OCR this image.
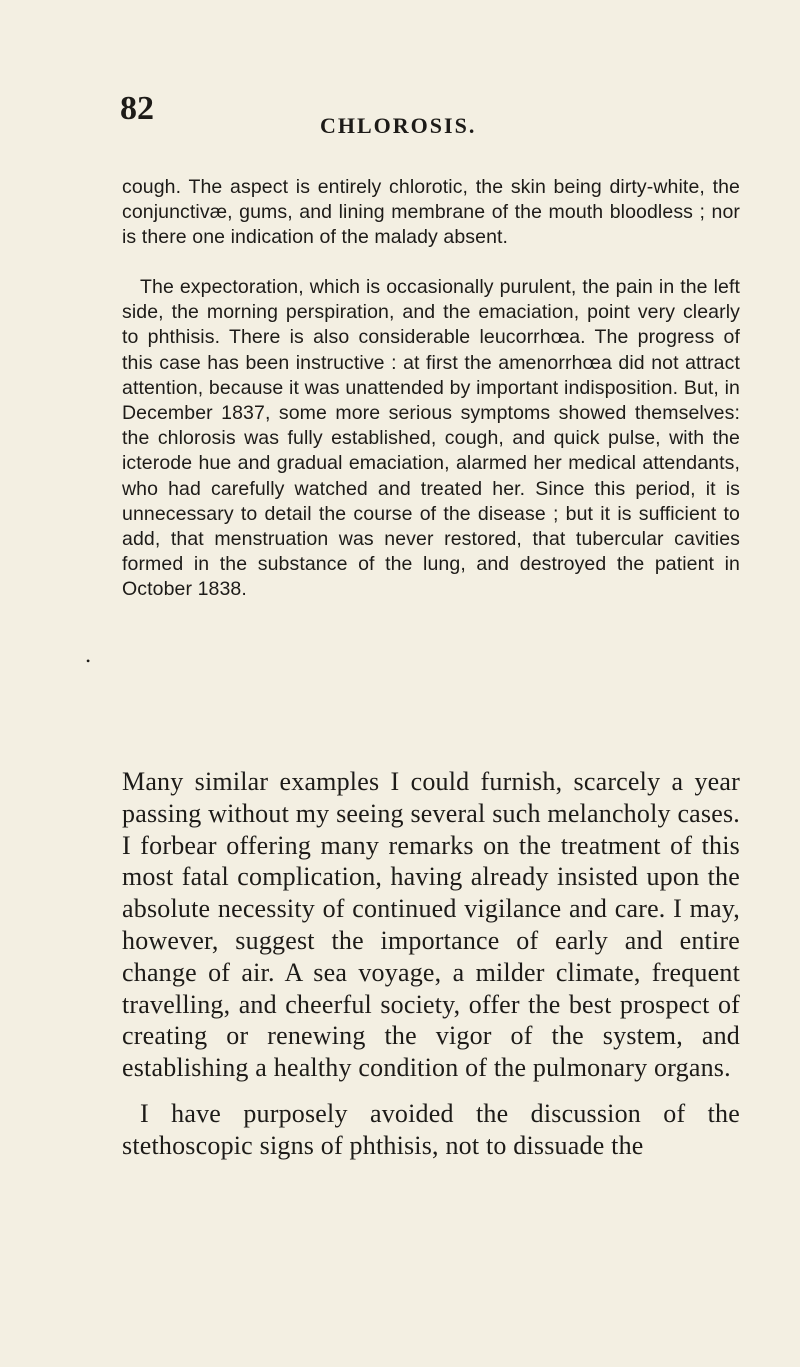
82	CHLOROSIS.

cough. The aspect is entirely chlorotic, the skin being dirty-white, the conjunctivæ, gums, and lining membrane of the mouth bloodless ; nor is there one indication of the malady absent.

The expectoration, which is occasionally purulent, the pain in the left side, the morning perspiration, and the emaciation, point very clearly to phthisis. There is also considerable leucorrhœa. The progress of this case has been instructive : at first the amenorrhœa did not attract attention, because it was unattended by important indisposition. But, in December 1837, some more serious symptoms showed themselves: the chlorosis was fully established, cough, and quick pulse, with the icterode hue and gradual emaciation, alarmed her medical attendants, who had carefully watched and treated her. Since this period, it is unnecessary to detail the course of the disease ; but it is sufficient to add, that menstruation was never restored, that tubercular cavities formed in the substance of the lung, and destroyed the patient in October 1838.

•

Many similar examples I could furnish, scarcely a year passing without my seeing several such melancholy cases. I forbear offering many remarks on the treatment of this most fatal complication, having already insisted upon the absolute necessity of continued vigilance and care. I may, however, suggest the importance of early and entire change of air. A sea voyage, a milder climate, frequent travelling, and cheerful society, offer the best prospect of creating or renewing the vigor of the system, and establishing a healthy condition of the pulmonary organs.

I have purposely avoided the discussion of the stethoscopic signs of phthisis, not to dissuade the
